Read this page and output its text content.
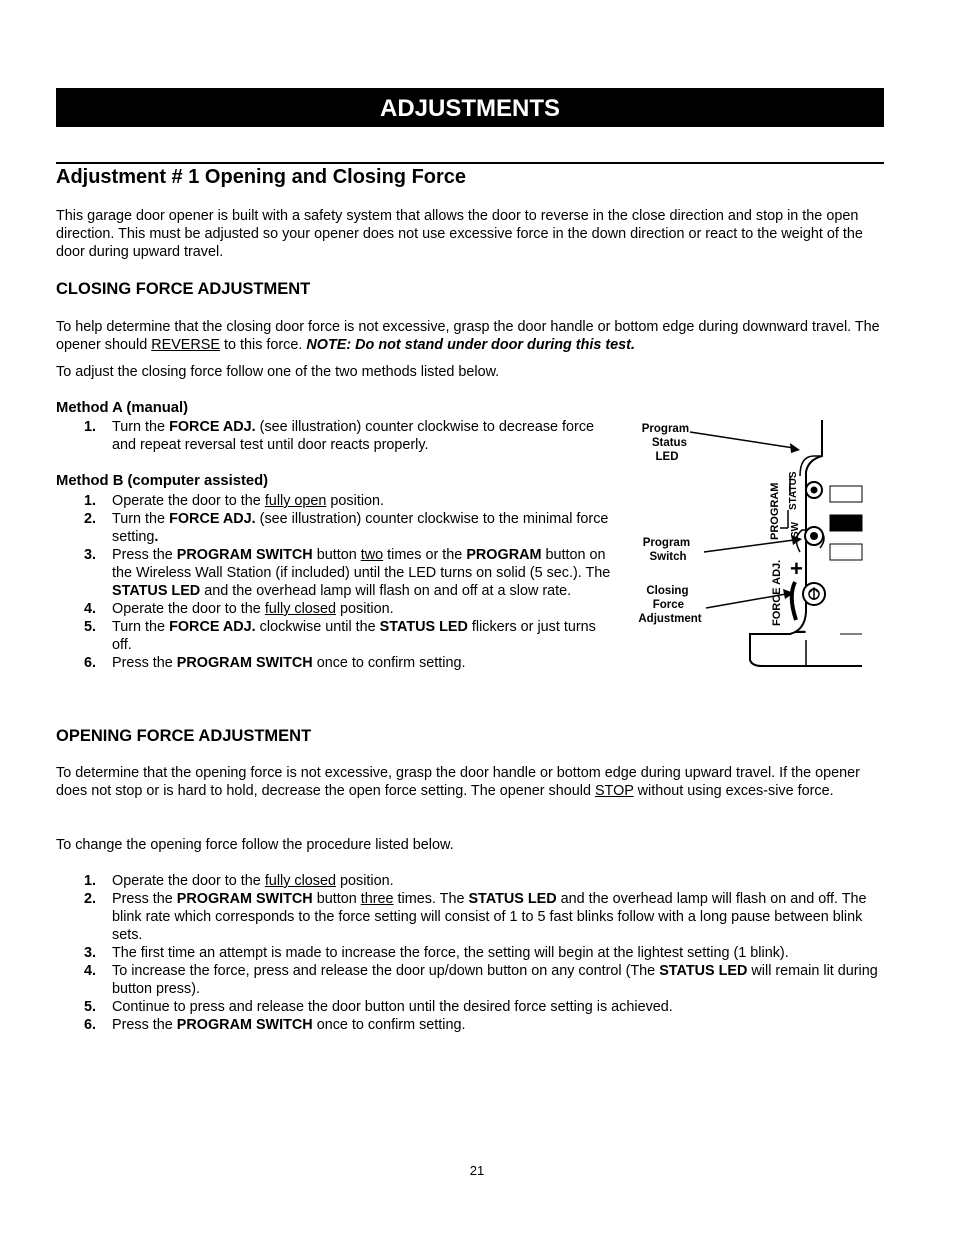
ADJUSTMENTS
Adjustment # 1 Opening and Closing Force

This garage door opener is built with a safety system that allows the door to reverse in the close direction and stop in the open direction. This must be adjusted so your opener does not use excessive force in the down direction or react to the weight of the door during upward travel.

CLOSING FORCE ADJUSTMENT

To help determine that the closing door force is not excessive, grasp the door handle or bottom edge during downward travel. The opener should REVERSE to this force. NOTE: Do not stand under door during this test.

To adjust the closing force follow one of the two methods listed below.

Method A (manual)
1. Turn the FORCE ADJ. (see illustration) counter clockwise to decrease force and repeat reversal test until door reacts properly.
Method B (computer assisted)
1. Operate the door to the fully open position.
2. Turn the FORCE ADJ. (see illustration) counter clockwise to the minimal force setting.
3. Press the PROGRAM SWITCH button two times or the PROGRAM button on the Wireless Wall Station (if included) until the LED turns on solid (5 sec.). The STATUS LED and the overhead lamp will flash on and off at a slow rate.
4. Operate the door to the fully closed position.
5. Turn the FORCE ADJ. clockwise until the STATUS LED flickers or just turns off.
6. Press the PROGRAM SWITCH once to confirm setting.
PROGRAM STATUS
SW
FORCE ADJ. +
–
Program Status LED
Program Switch
Closing Force Adjustment
OPENING FORCE ADJUSTMENT

To determine that the opening force is not excessive, grasp the door handle or bottom edge during upward travel. If the opener does not stop or is hard to hold, decrease the open force setting. The opener should STOP without using exces-sive force.

To change the opening force follow the procedure listed below.

1. Operate the door to the fully closed position.
2. Press the PROGRAM SWITCH button three times. The STATUS LED and the overhead lamp will flash on and off. The blink rate which corresponds to the force setting will consist of 1 to 5 fast blinks follow with a long pause between blink sets.
3. The first time an attempt is made to increase the force, the setting will begin at the lightest setting (1 blink).
4. To increase the force, press and release the door up/down button on any control (The STATUS LED will remain lit during button press).
5. Continue to press and release the door button until the desired force setting is achieved.
6. Press the PROGRAM SWITCH once to confirm setting.
21
